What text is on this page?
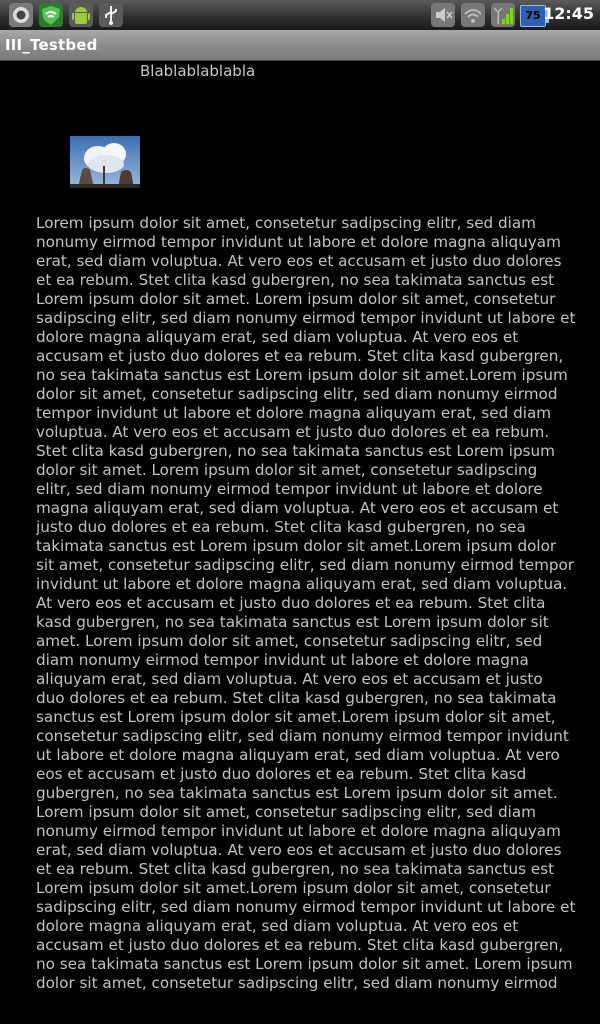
75 12:45
III_Testbed
Blablablablabla
Lorem ipsum dolor sit amet, consetetur sadipscing elitr, sed diam nonumy eirmod tempor invidunt ut labore et dolore magna aliquyam erat, sed diam voluptua. At vero eos et accusam et justo duo dolores et ea rebum. Stet clita kasd gubergren, no sea takimata sanctus est Lorem ipsum dolor sit amet. Lorem ipsum dolor sit amet, consetetur sadipscing elitr, sed diam nonumy eirmod tempor invidunt ut labore et dolore magna aliquyam erat, sed diam voluptua. At vero eos et accusam et justo duo dolores et ea rebum. Stet clita kasd gubergren, no sea takimata sanctus est Lorem ipsum dolor sit amet.Lorem ipsum dolor sit amet, consetetur sadipscing elitr, sed diam nonumy eirmod tempor invidunt ut labore et dolore magna aliquyam erat, sed diam voluptua. At vero eos et accusam et justo duo dolores et ea rebum. Stet clita kasd gubergren, no sea takimata sanctus est Lorem ipsum dolor sit amet. Lorem ipsum dolor sit amet, consetetur sadipscing elitr, sed diam nonumy eirmod tempor invidunt ut labore et dolore magna aliquyam erat, sed diam voluptua. At vero eos et accusam et justo duo dolores et ea rebum. Stet clita kasd gubergren, no sea takimata sanctus est Lorem ipsum dolor sit amet.Lorem ipsum dolor sit amet, consetetur sadipscing elitr, sed diam nonumy eirmod tempor invidunt ut labore et dolore magna aliquyam erat, sed diam voluptua. At vero eos et accusam et justo duo dolores et ea rebum. Stet clita kasd gubergren, no sea takimata sanctus est Lorem ipsum dolor sit amet. Lorem ipsum dolor sit amet, consetetur sadipscing elitr, sed diam nonumy eirmod tempor invidunt ut labore et dolore magna aliquyam erat, sed diam voluptua. At vero eos et accusam et justo duo dolores et ea rebum. Stet clita kasd gubergren, no sea takimata sanctus est Lorem ipsum dolor sit amet.Lorem ipsum dolor sit amet, consetetur sadipscing elitr, sed diam nonumy eirmod tempor invidunt ut labore et dolore magna aliquyam erat, sed diam voluptua. At vero eos et accusam et justo duo dolores et ea rebum. Stet clita kasd gubergren, no sea takimata sanctus est Lorem ipsum dolor sit amet. Lorem ipsum dolor sit amet, consetetur sadipscing elitr, sed diam nonumy eirmod tempor invidunt ut labore et dolore magna aliquyam erat, sed diam voluptua. At vero eos et accusam et justo duo dolores et ea rebum. Stet clita kasd gubergren, no sea takimata sanctus est Lorem ipsum dolor sit amet.Lorem ipsum dolor sit amet, consetetur sadipscing elitr, sed diam nonumy eirmod tempor invidunt ut labore et dolore magna aliquyam erat, sed diam voluptua. At vero eos et accusam et justo duo dolores et ea rebum. Stet clita kasd gubergren, no sea takimata sanctus est Lorem ipsum dolor sit amet. Lorem ipsum dolor sit amet, consetetur sadipscing elitr, sed diam nonumy eirmod
